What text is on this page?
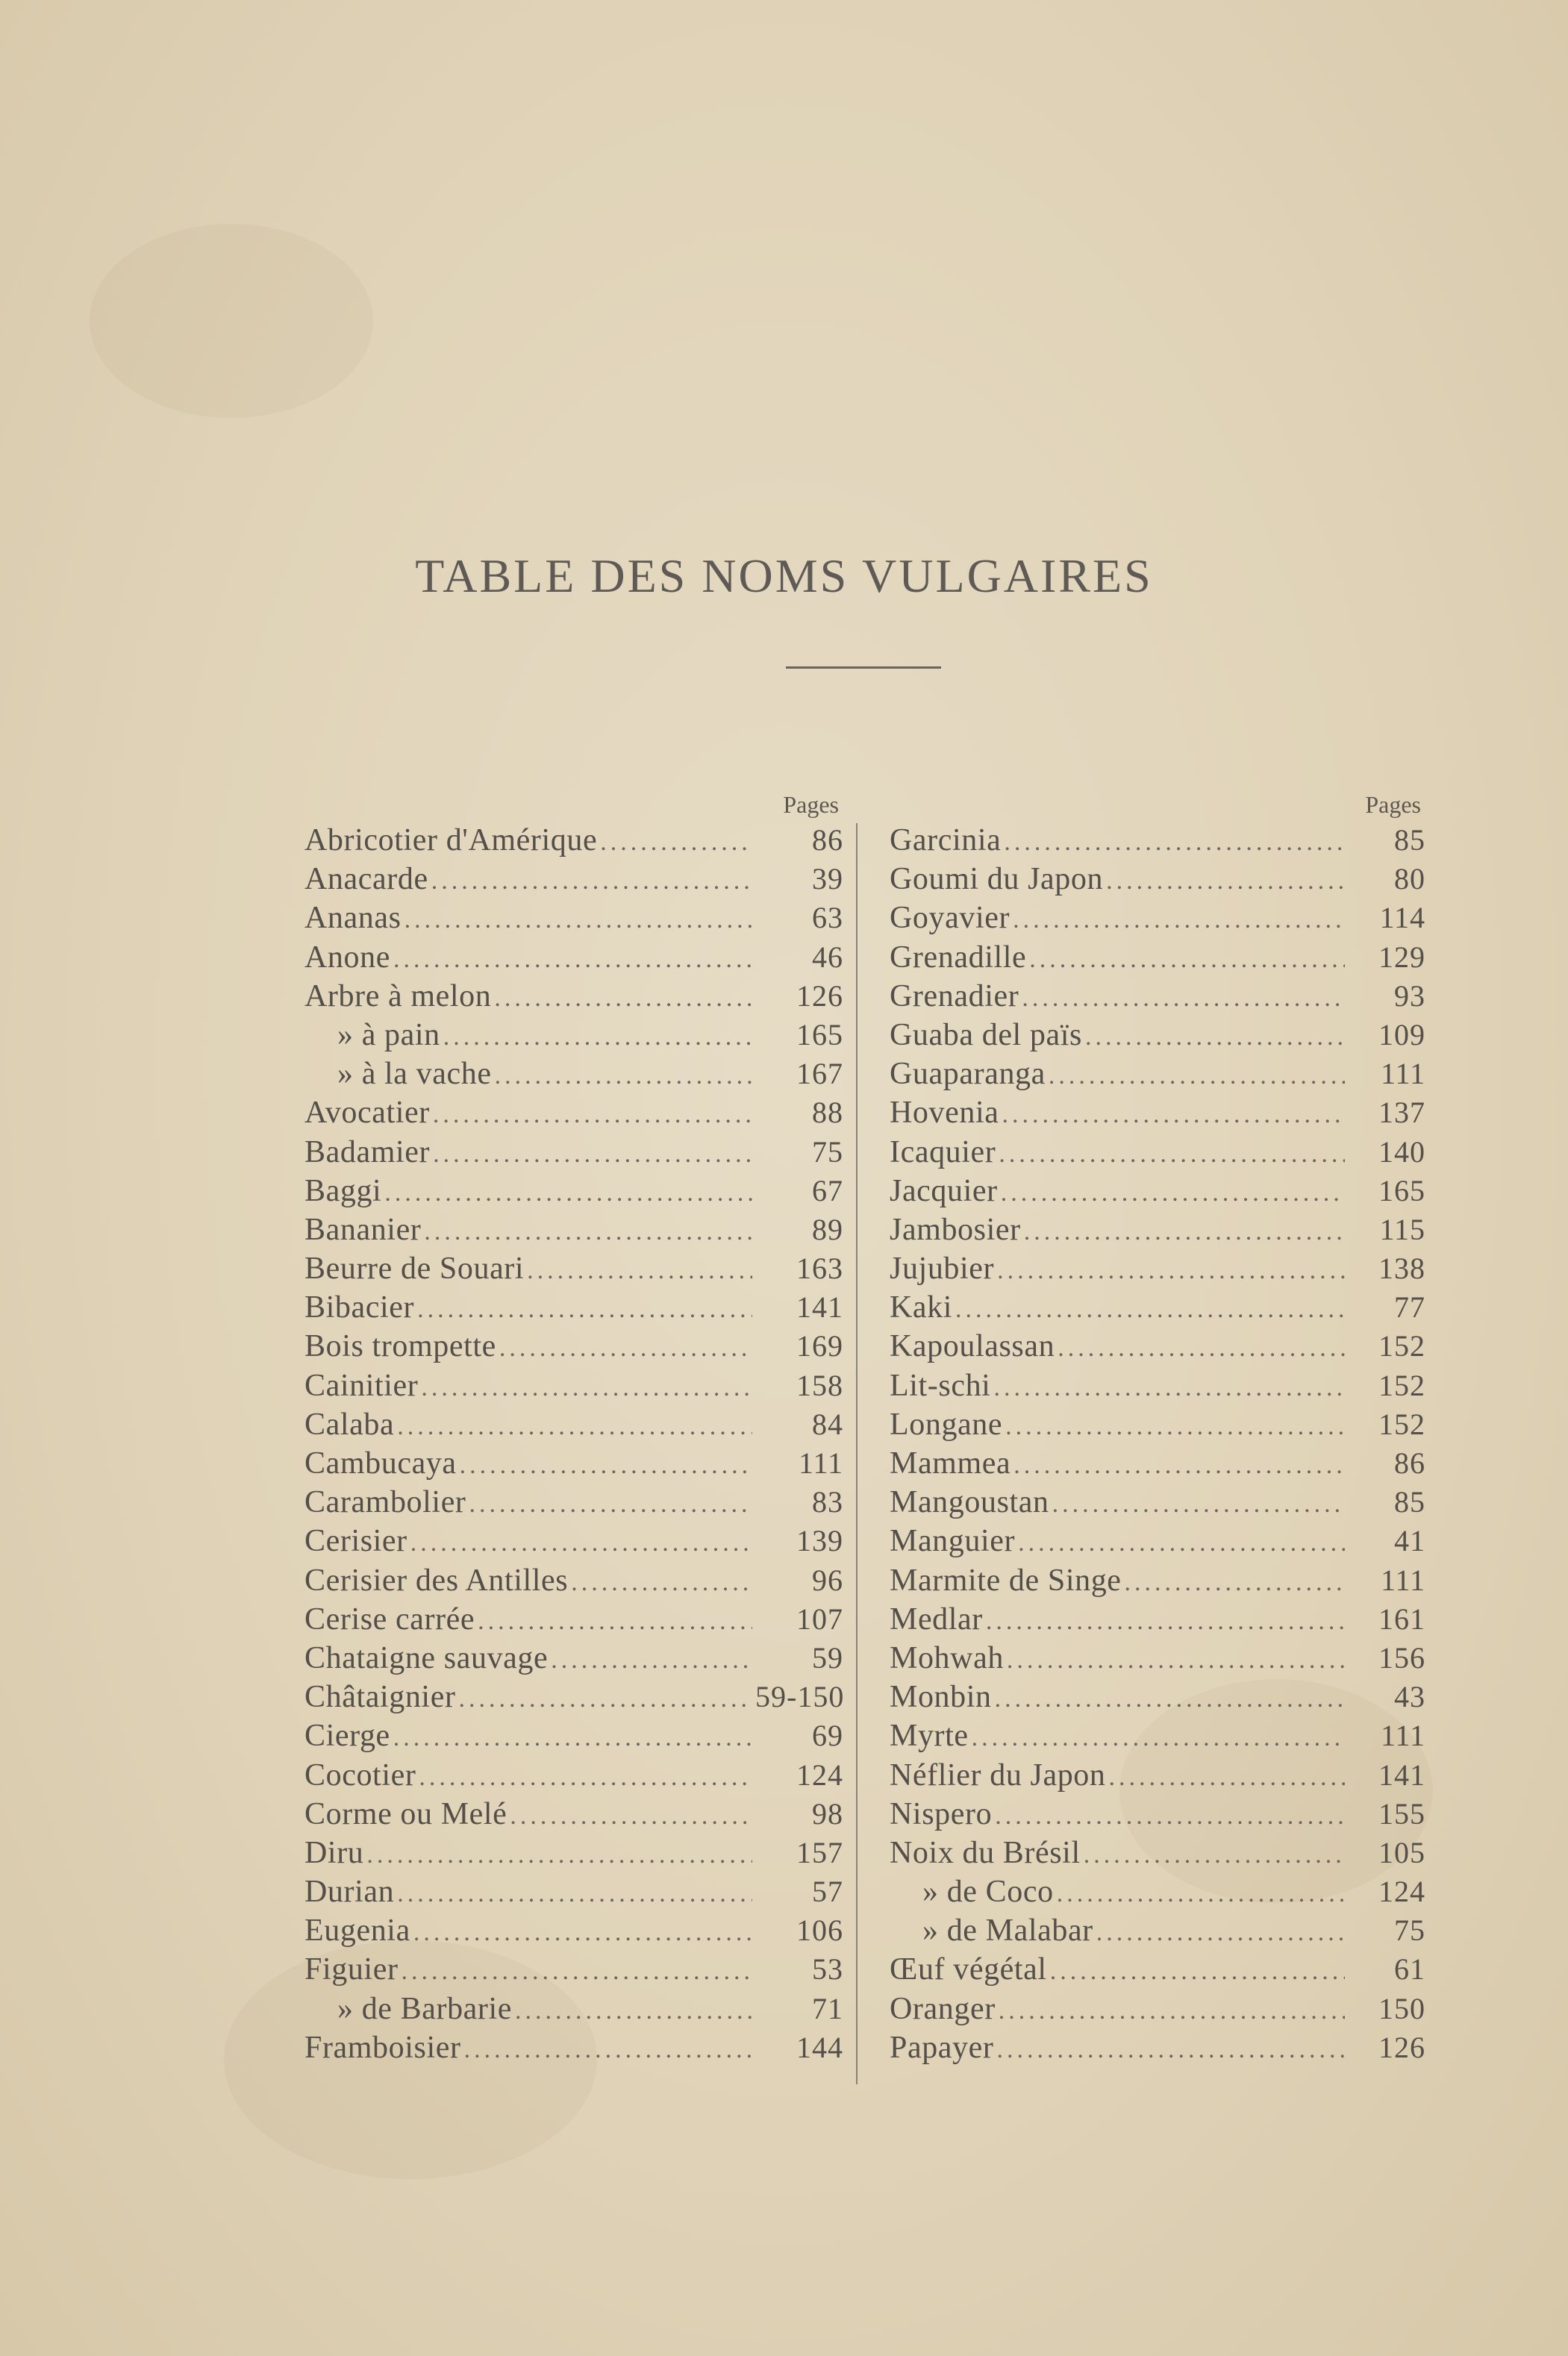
TABLE DES NOMS VULGAIRES
Pages
Abricotier d'Amérique .....	86
Anacarde .....	39
Ananas .....	63
Anone .....	46
Arbre à melon .....	126
» à pain .....	165
» à la vache .....	167
Avocatier .....	88
Badamier .....	75
Baggi .....	67
Bananier .....	89
Beurre de Souari .....	163
Bibacier .....	141
Bois trompette .....	169
Cainitier .....	158
Calaba .....	84
Cambucaya .....	111
Carambolier .....	83
Cerisier .....	139
Cerisier des Antilles .....	96
Cerise carrée .....	107
Chataigne sauvage .....	59
Châtaignier .....	59-150
Cierge .....	69
Cocotier .....	124
Corme ou Melé .....	98
Diru .....	157
Durian .....	57
Eugenia .....	106
Figuier .....	53
» de Barbarie .....	71
Framboisier .....	144
Pages
Garcinia .....	85
Goumi du Japon .....	80
Goyavier .....	114
Grenadille .....	129
Grenadier .....	93
Guaba del païs .....	109
Guaparanga .....	111
Hovenia .....	137
Icaquier .....	140
Jacquier .....	165
Jambosier .....	115
Jujubier .....	138
Kaki .....	77
Kapoulassan .....	152
Lit-schi .....	152
Longane .....	152
Mammea .....	86
Mangoustan .....	85
Manguier .....	41
Marmite de Singe .....	111
Medlar .....	161
Mohwah .....	156
Monbin .....	43
Myrte .....	111
Néflier du Japon .....	141
Nispero .....	155
Noix du Brésil .....	105
» de Coco .....	124
» de Malabar .....	75
Œuf végétal .....	61
Oranger .....	150
Papayer .....	126
